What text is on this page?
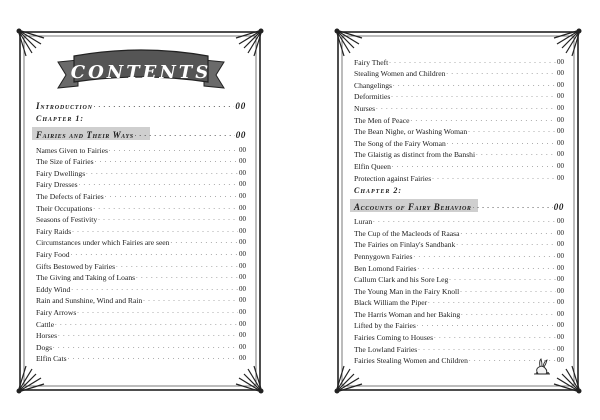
CONTENTS
Introduction . . .	00
Chapter 1:
Fairies and Their Ways . . .	00
Names Given to Fairies . . .	00
The Size of Fairies . . .	00
Fairy Dwellings . . .	00
Fairy Dresses . . .	00
The Defects of Fairies . . .	00
Their Occupations . . .	00
Seasons of Festivity . . .	00
Fairy Raids . . .	00
Circumstances under which Fairies are seen . . .	00
Fairy Food . . .	00
Gifts Bestowed by Fairies . . .	00
The Giving and Taking of Loans . . .	00
Eddy Wind . . .	00
Rain and Sunshine, Wind and Rain . . .	00
Fairy Arrows . . .	00
Cattle . . .	00
Horses . . .	00
Dogs . . .	00
Elfin Cats . . .	00
Fairy Theft . . .	00
Stealing Women and Children . . .	00
Changelings . . .	00
Deformities . . .	00
Nurses . . .	00
The Men of Peace . . .	00
The Bean Nighe, or Washing Woman . . .	00
The Song of the Fairy Woman . . .	00
The Glaistig as distinct from the Banshi . . .	00
Elfin Queen . . .	00
Protection against Fairies . . .	00
Chapter 2:
Accounts of Fairy Behavior . . .	00
Luran . . .	00
The Cup of the Macleods of Raasa . . .	00
The Fairies on Finlay's Sandbank . . .	00
Pennygown Fairies . . .	00
Ben Lomond Fairies . . .	00
Callum Clark and his Sore Leg . . .	00
The Young Man in the Fairy Knoll . . .	00
Black William the Piper . . .	00
The Harris Woman and her Baking . . .	00
Lifted by the Fairies . . .	00
Fairies Coming to Houses . . .	00
The Lowland Fairies . . .	00
Fairies Stealing Women and Children . . .	00
